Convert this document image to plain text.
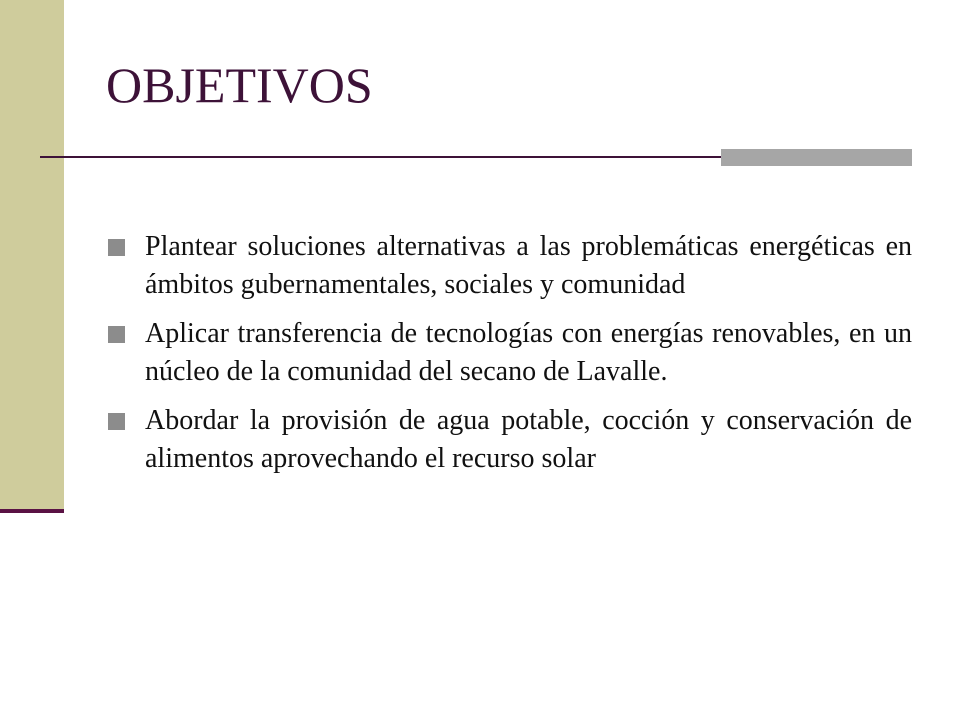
OBJETIVOS
Plantear soluciones alternativas a las problemáticas energéticas en ámbitos gubernamentales, sociales y comunidad
Aplicar transferencia de tecnologías con energías renovables, en un núcleo de la comunidad del secano de Lavalle.
Abordar la provisión de agua potable, cocción y conservación de alimentos aprovechando el recurso solar
